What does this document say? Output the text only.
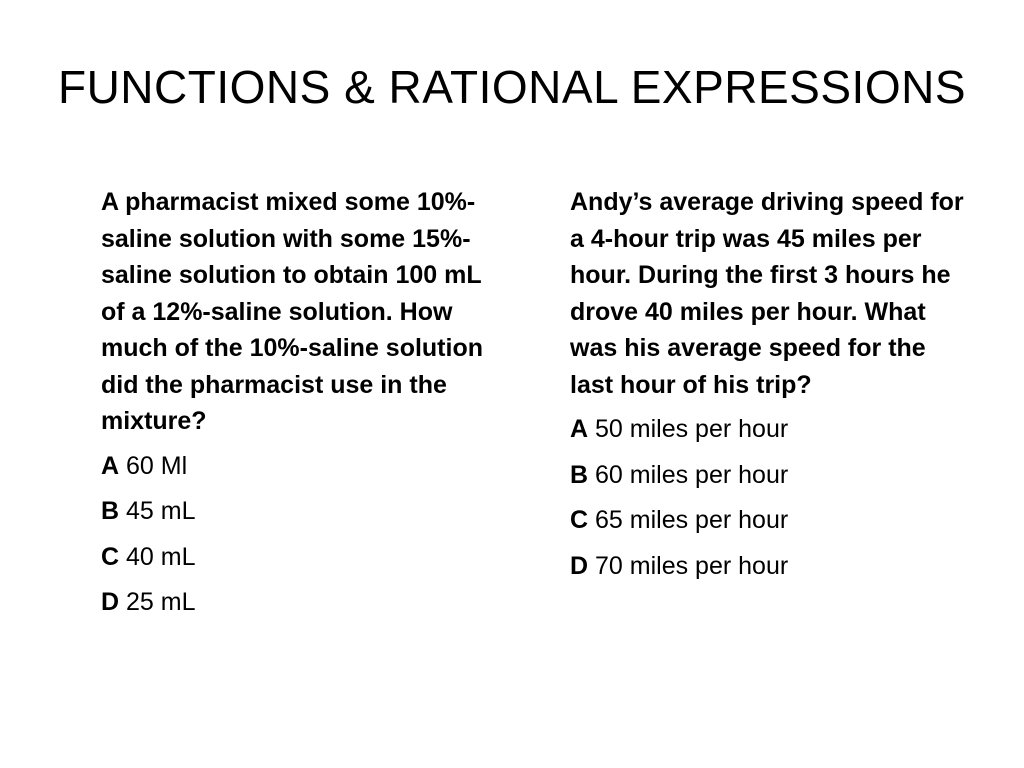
FUNCTIONS & RATIONAL EXPRESSIONS

A pharmacist mixed some 10%-saline solution with some 15%-saline solution to obtain 100 mL of a 12%-saline solution. How much of the 10%-saline solution did the pharmacist use in the mixture?

A 60 Ml
B 45 mL
C 40 mL
D 25 mL

Andy’s average driving speed for a 4-hour trip was 45 miles per hour. During the first 3 hours he drove 40 miles per hour. What was his average speed for the last hour of his trip?

A 50 miles per hour
B 60 miles per hour
C 65 miles per hour
D 70 miles per hour
